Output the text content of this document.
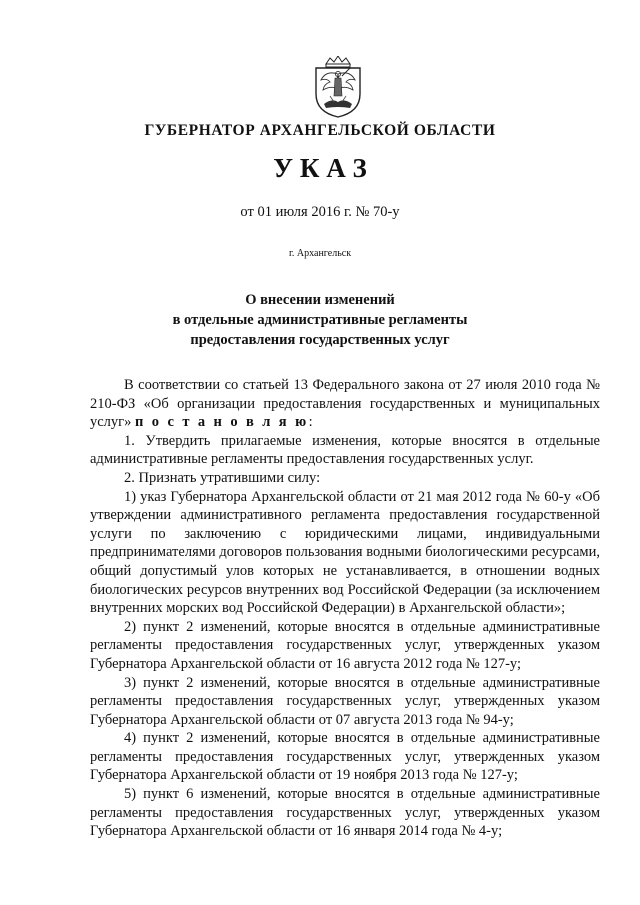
ГУБЕРНАТОР АРХАНГЕЛЬСКОЙ ОБЛАСТИ
У К А З
от 01 июля 2016 г. № 70-у
г. Архангельск
О внесении изменений
в отдельные административные регламенты
предоставления государственных услуг

В соответствии со статьей 13 Федерального закона от 27 июля 2010 года № 210-ФЗ «Об организации предоставления государственных и муниципальных услуг» п о с т а н о в л я ю:

1. Утвердить прилагаемые изменения, которые вносятся в отдельные административные регламенты предоставления государственных услуг.

2. Признать утратившими силу:

1) указ Губернатора Архангельской области от 21 мая 2012 года № 60-у «Об утверждении административного регламента предоставления государственной услуги по заключению с юридическими лицами, индивидуальными предпринимателями договоров пользования водными биологическими ресурсами, общий допустимый улов которых не устанавливается, в отношении водных биологических ресурсов внутренних вод Российской Федерации (за исключением внутренних морских вод Российской Федерации) в Архангельской области»;

2) пункт 2 изменений, которые вносятся в отдельные административные регламенты предоставления государственных услуг, утвержденных указом Губернатора Архангельской области от 16 августа 2012 года № 127-у;

3) пункт 2 изменений, которые вносятся в отдельные административные регламенты предоставления государственных услуг, утвержденных указом Губернатора Архангельской области от 07 августа 2013 года № 94-у;

4) пункт 2 изменений, которые вносятся в отдельные административные регламенты предоставления государственных услуг, утвержденных указом Губернатора Архангельской области от 19 ноября 2013 года № 127-у;

5) пункт 6 изменений, которые вносятся в отдельные административные регламенты предоставления государственных услуг, утвержденных указом Губернатора Архангельской области от 16 января 2014 года № 4-у;
